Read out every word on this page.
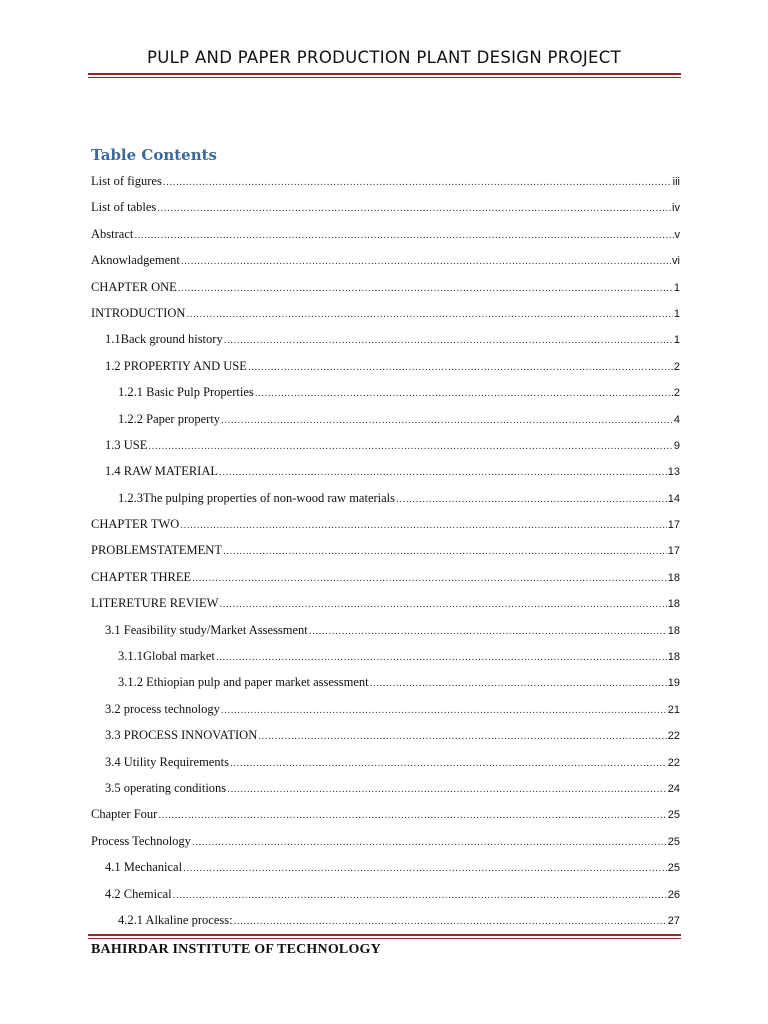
PULP AND PAPER PRODUCTION PLANT DESIGN PROJECT
Table Contents
List of figures .....	iii
List of tables .....	iv
Abstract .....	v
Aknowladgement .....	vi
CHAPTER ONE .....	1
INTRODUCTION .....	1
1.1Back ground history .....	1
1.2 PROPERTIY AND USE .....	2
1.2.1 Basic Pulp Properties .....	2
1.2.2 Paper property .....	4
1.3 USE .....	9
1.4 RAW MATERIAL .....	13
1.2.3The pulping properties of non-wood raw materials .....	14
CHAPTER TWO .....	17
PROBLEMSTATEMENT .....	17
CHAPTER THREE .....	18
LITERETURE REVIEW .....	18
3.1 Feasibility study/Market Assessment .....	18
3.1.1Global market .....	18
3.1.2 Ethiopian pulp and paper market assessment .....	19
3.2 process technology .....	21
3.3 PROCESS INNOVATION .....	22
3.4 Utility Requirements .....	22
3.5 operating conditions .....	24
Chapter Four .....	25
Process Technology .....	25
4.1 Mechanical .....	25
4.2 Chemical .....	26
4.2.1 Alkaline process: .....	27
BAHIRDAR INSTITUTE OF TECHNOLOGY
